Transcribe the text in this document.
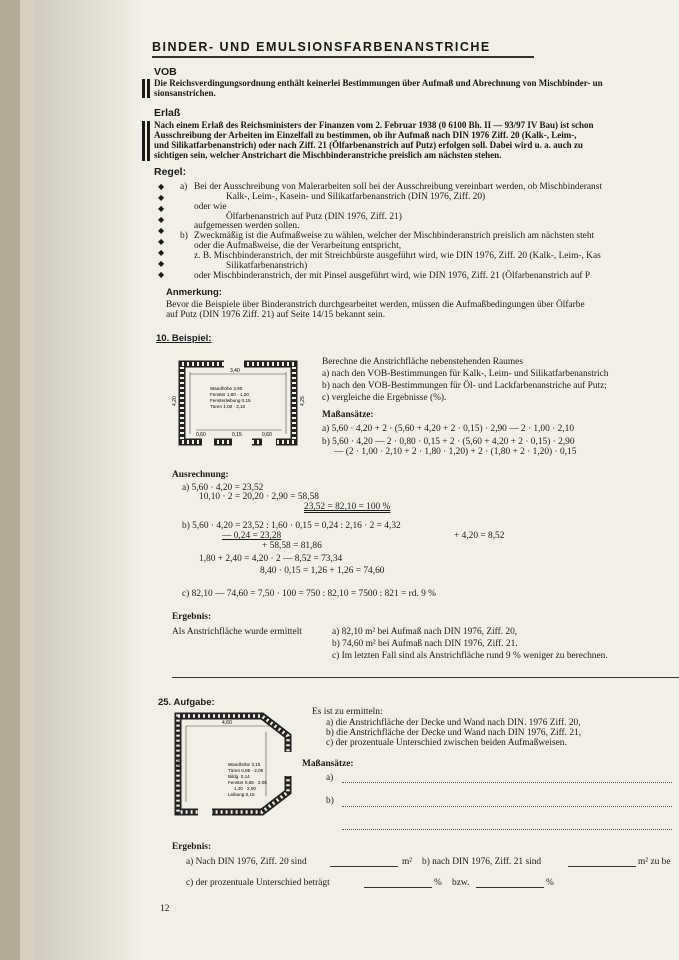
BINDER- UND EMULSIONSFARBENANSTRICHE
VOB
Die Reichsverdingungsordnung enthält keinerlei Bestimmungen über Aufmaß und Abrechnung von Mischbinder- un
sionsanstrichen.
Erlaß
Nach einem Erlaß des Reichsministers der Finanzen vom 2. Februar 1938 (0 6100 Bh. II — 93/97 IV Bau) ist schon
Ausschreibung der Arbeiten im Einzelfall zu bestimmen, ob ihr Aufmaß nach DIN 1976 Ziff. 20 (Kalk-, Leim-,
und Silikatfarbenanstrich) oder nach Ziff. 21 (Ölfarbenanstrich auf Putz) erfolgen soll. Dabei wird u. a. auch zu
sichtigen sein, welcher Anstrichart die Mischbinderanstriche preislich am nächsten stehen.
Regel:
◆
◆
◆
◆
◆
◆
◆
◆
◆
a) Bei der Ausschreibung von Malerarbeiten soll bei der Ausschreibung vereinbart werden, ob Mischbinderanst
Kalk-, Leim-, Kasein- und Silikatfarbenanstrich (DIN 1976, Ziff. 20)
oder wie
Ölfarbenanstrich auf Putz (DIN 1976, Ziff. 21)
aufgemessen werden sollen.
b) Zweckmäßig ist die Aufmaßweise zu wählen, welcher der Mischbinderanstrich preislich am nächsten steht
oder die Aufmaßweise, die der Verarbeitung entspricht,
z. B. Mischbinderanstrich, der mit Streichbürste ausgeführt wird, wie DIN 1976, Ziff. 20 (Kalk-, Leim-, Kas
Silikatfarbenanstrich)
oder Mischbinderanstrich, der mit Pinsel ausgeführt wird, wie DIN 1976, Ziff. 21 (Ölfarbenanstrich auf P
Anmerkung:
Bevor die Beispiele über Binderanstrich durchgearbeitet werden, müssen die Aufmaßbedingungen über Ölfarbe
auf Putz (DIN 1976 Ziff. 21) auf Seite 14/15 bekannt sein.
10. Beispiel:
3,40
4,20	4,25
0,60	0,15	0,60
Wandhöhe 2,90
Fenster 1,80 · 1,20
Fensterleibung 0,15
Türen 1,00 · 2,10
Berechne die Anstrichfläche nebenstehenden Raumes
a) nach den VOB-Bestimmungen für Kalk-, Leim- und Silikatfarbenanstrich
b) nach den VOB-Bestimmungen für Öl- und Lackfarbenanstriche auf Putz;
c) vergleiche die Ergebnisse (%).
Maßansätze:
a) 5,60 · 4,20 + 2 · (5,60 + 4,20 + 2 · 0,15) · 2,90 — 2 · 1,00 · 2,10
b) 5,60 · 4,20 — 2 · 0,80 · 0,15 + 2 · (5,60 + 4,20 + 2 · 0,15) · 2,90
— (2 · 1,00 · 2,10 + 2 · 1,80 · 1,20) + 2 · (1,80 + 2 · 1,20) · 0,15
Ausrechnung:
a) 5,60 · 4,20 = 23,52
10,10 · 2 = 20,20 · 2,90 = 58,58
23,52 = 82,10 = 100 %
b) 5,60 · 4,20 = 23,52 : 1,60 · 0,15 = 0,24 : 2,16 · 2 = 4,32
— 0,24 = 23,28	+ 4,20 = 8,52
+ 58,58 = 81,86
1,80 + 2,40 = 4,20 · 2 — 8,52 = 73,34
8,40 · 0,15 = 1,26 + 1,26 = 74,60
c) 82,10 — 74,60 = 7,50 · 100 = 750 : 82,10 = 7500 : 821 = rd. 9 %
Ergebnis:
Als Anstrichfläche wurde ermittelt	a) 82,10 m² bei Aufmaß nach DIN 1976, Ziff. 20,
b) 74,60 m² bei Aufmaß nach DIN 1976, Ziff. 21.
c) Im letzten Fall sind als Anstrichfläche rund 9 % weniger zu berechnen.
25. Aufgabe:
4,60
3,80	Wandhöhe 3,15
Türen 0,85 · 2,05
Bildg. 0,14
Fenster 0,85 · 2,05
1,30 · 2,00
Leibung 0,15
Es ist zu ermitteln:
a) die Anstrichfläche der Decke und Wand nach DIN. 1976 Ziff. 20,
b) die Anstrichfläche der Decke und Wand nach DIN 1976, Ziff. 21,
c) der prozentuale Unterschied zwischen beiden Aufmaßweisen.
Maßansätze:
a)
b)
Ergebnis:
a) Nach DIN 1976, Ziff. 20 sind	m² b) nach DIN 1976, Ziff. 21 sind	m² zu be
c) der prozentuale Unterschied beträgt	% bzw.	%
12
